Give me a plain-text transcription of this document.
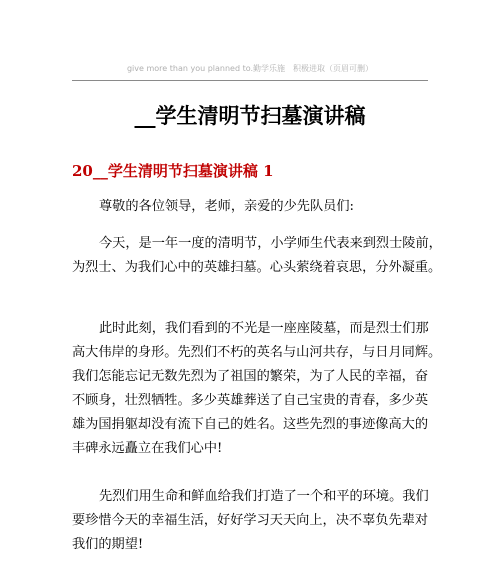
give more than you planned to.勤学乐施　积极进取（页眉可删）
__学生清明节扫墓演讲稿
20__学生清明节扫墓演讲稿 1
尊敬的各位领导，老师，亲爱的少先队员们:
今天，是一年一度的清明节，小学师生代表来到烈士陵前，
为烈士、为我们心中的英雄扫墓。心头萦绕着哀思，分外凝重。
此时此刻，我们看到的不光是一座座陵墓，而是烈士们那
高大伟岸的身形。先烈们不朽的英名与山河共存，与日月同辉。
我们怎能忘记无数先烈为了祖国的繁荣，为了人民的幸福，奋
不顾身，壮烈牺牲。多少英雄葬送了自己宝贵的青春，多少英
雄为国捐躯却没有流下自己的姓名。这些先烈的事迹像高大的
丰碑永远矗立在我们心中!
先烈们用生命和鲜血给我们打造了一个和平的环境。我们
要珍惜今天的幸福生活，好好学习天天向上，决不辜负先辈对
我们的期望!
